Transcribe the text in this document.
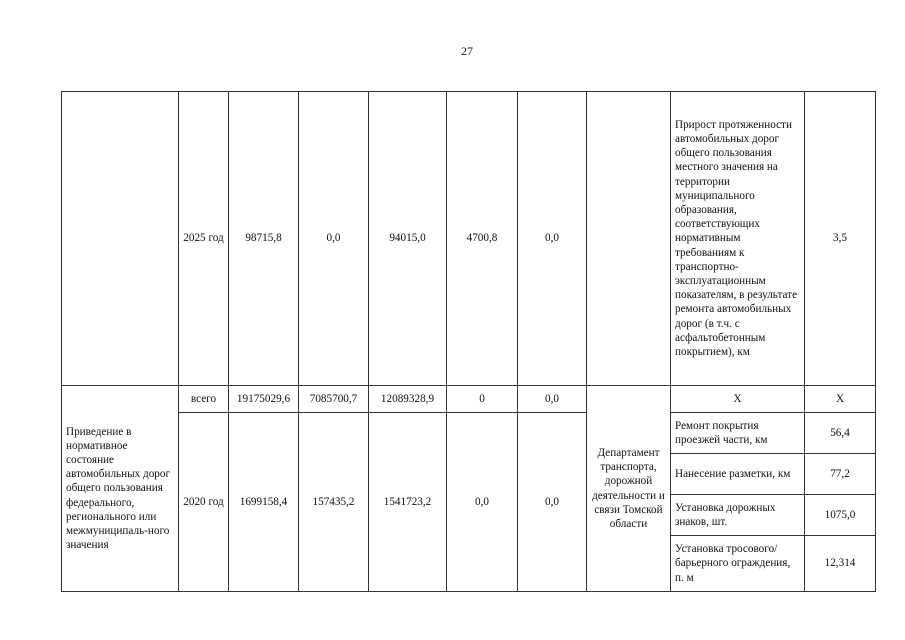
27
	2025 год	98715,8	0,0	94015,0	4700,8	0,0		Прирост протяженности автомобильных дорог общего пользования местного значения на территории муниципального образования, соответствующих нормативным требованиям к транспортно-эксплуатационным показателям, в результате ремонта автомобильных дорог (в т.ч. с асфальтобетонным покрытием), км	3,5
Приведение в нормативное состояние автомобильных дорог общего пользования федерального, регионального или межмуниципаль-ного значения	всего	19175029,6	7085700,7	12089328,9	0	0,0	Департамент транспорта, дорожной деятельности и связи Томской области	Х	Х
	2020 год	1699158,4	157435,2	1541723,2	0,0	0,0		Ремонт покрытия проезжей части, км	56,4
								Нанесение разметки, км	77,2
								Установка дорожных знаков, шт.	1075,0
								Установка тросового/барьерного ограждения, п. м	12,314
